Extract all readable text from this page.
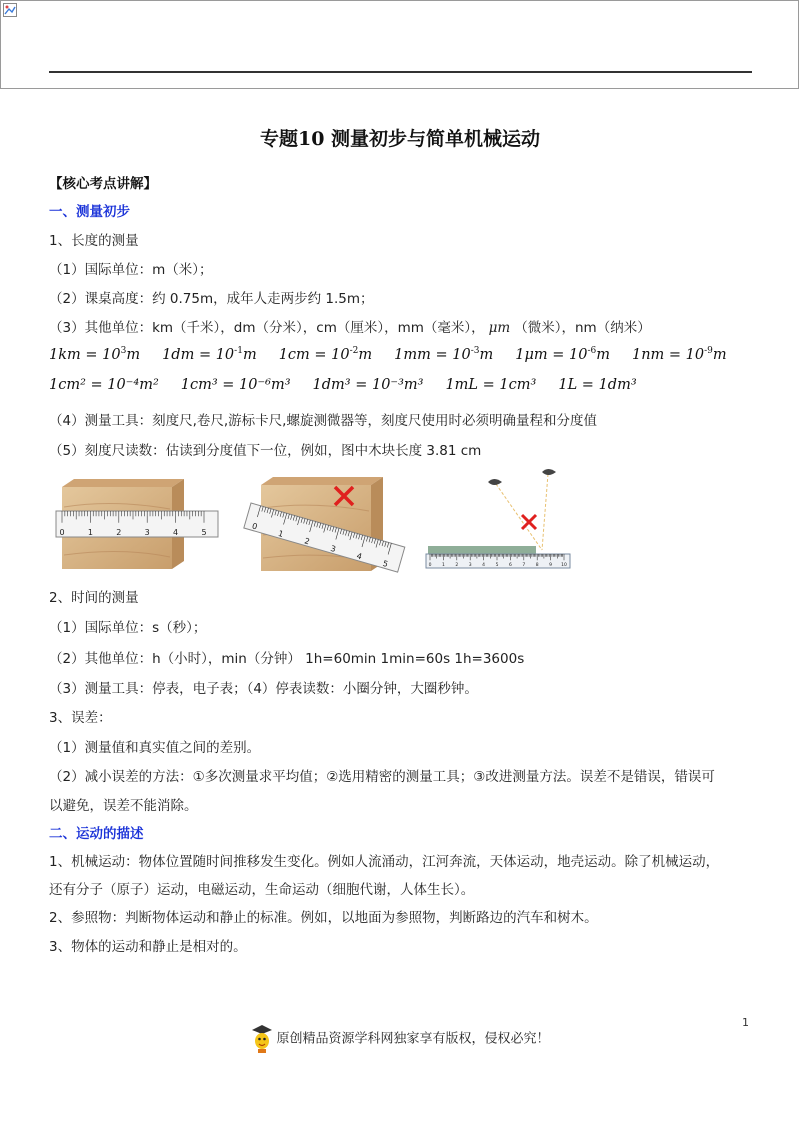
专题10 测量初步与简单机械运动
【核心考点讲解】
一、测量初步
1、长度的测量
（1）国际单位：m（米）；
（2）课桌高度：约 0.75m，成年人走两步约 1.5m；
（3）其他单位：km（千米），dm（分米），cm（厘米），mm（毫米）， μm （微米），nm（纳米）
$1km = 10^3m$ $1dm = 10^{-1}m$ $1cm = 10^{-2}m$ $1mm = 10^{-3}m$ $1\mu m = 10^{-6}m$ $1nm = 10^{-9}m$
1cm² = 10⁻⁴m² 1cm³ = 10⁻⁶m³ 1dm³ = 10⁻³m³ 1mL = 1cm³ 1L = 1dm³
（4）测量工具：刻度尺,卷尺,游标卡尺,螺旋测微器等，刻度尺使用时必须明确量程和分度值
（5）刻度尺读数：估读到分度值下一位，例如，图中木块长度 3.81 cm
0	1	2	3	4	5
0
1
2
3
4
5	0 1 2 3 4 5 6 7 8 9 10
2、时间的测量
（1）国际单位：s（秒）；
（2）其他单位：h（小时），min（分钟） 1h=60min 1min=60s 1h=3600s
（3）测量工具：停表，电子表；（4）停表读数：小圈分钟，大圈秒钟。
3、误差：
（1）测量值和真实值之间的差别。
（2）减小误差的方法：①多次测量求平均值；②选用精密的测量工具；③改进测量方法。误差不是错误，错误可
以避免，误差不能消除。
二、运动的描述
1、机械运动：物体位置随时间推移发生变化。例如人流涌动，江河奔流，天体运动，地壳运动。除了机械运动，
还有分子（原子）运动，电磁运动，生命运动（细胞代谢，人体生长）。
2、参照物：判断物体运动和静止的标准。例如，以地面为参照物，判断路边的汽车和树木。
3、物体的运动和静止是相对的。
1
原创精品资源学科网独家享有版权，侵权必究！
